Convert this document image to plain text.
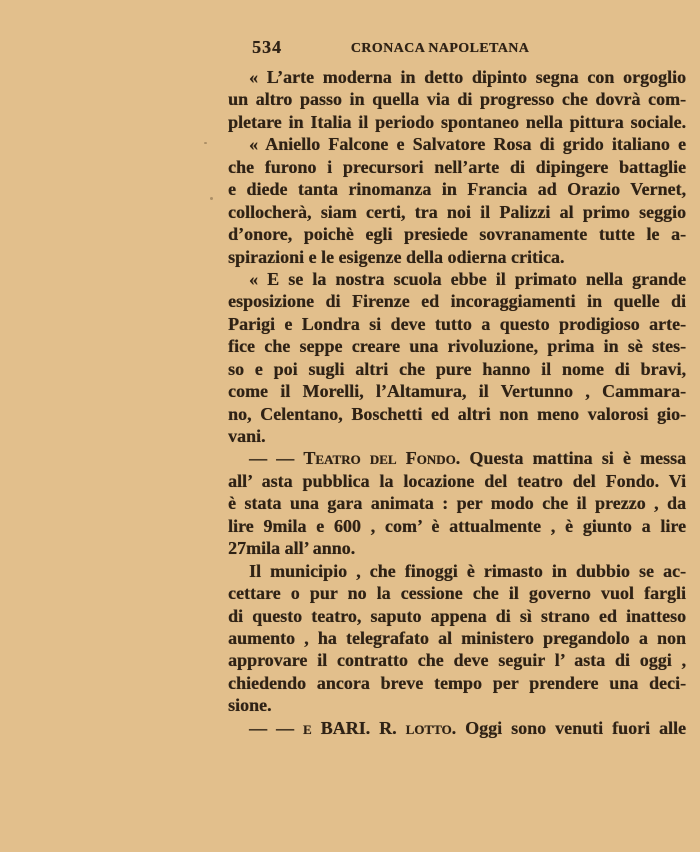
534	CRONACA NAPOLETANA
« L’arte moderna in detto dipinto segna con orgoglio
un altro passo in quella via di progresso che dovrà com-
pletare in Italia il periodo spontaneo nella pittura sociale.
« Aniello Falcone e Salvatore Rosa di grido italiano e
che furono i precursori nell’arte di dipingere battaglie
e diede tanta rinomanza in Francia ad Orazio Vernet,
collocherà, siam certi, tra noi il Palizzi al primo seggio
d’onore, poichè egli presiede sovranamente tutte le a-
spirazioni e le esigenze della odierna critica.
« E se la nostra scuola ebbe il primato nella grande
esposizione di Firenze ed incoraggiamenti in quelle di
Parigi e Londra si deve tutto a questo prodigioso arte-
fice che seppe creare una rivoluzione, prima in sè stes-
so e poi sugli altri che pure hanno il nome di bravi,
come il Morelli, l’Altamura, il Vertunno , Cammara-
no, Celentano, Boschetti ed altri non meno valorosi gio-
vani.
— — Teatro del Fondo. Questa mattina si è messa
all’ asta pubblica la locazione del teatro del Fondo. Vi
è stata una gara animata : per modo che il prezzo , da
lire 9mila e 600 , com’ è attualmente , è giunto a lire
27mila all’ anno.
Il municipio , che finoggi è rimasto in dubbio se ac-
cettare o pur no la cessione che il governo vuol fargli
di questo teatro, saputo appena di sì strano ed inatteso
aumento , ha telegrafato al ministero pregandolo a non
approvare il contratto che deve seguir l’ asta di oggi ,
chiedendo ancora breve tempo per prendere una deci-
sione.
— — e BARI. R. lotto. Oggi sono venuti fuori alle
